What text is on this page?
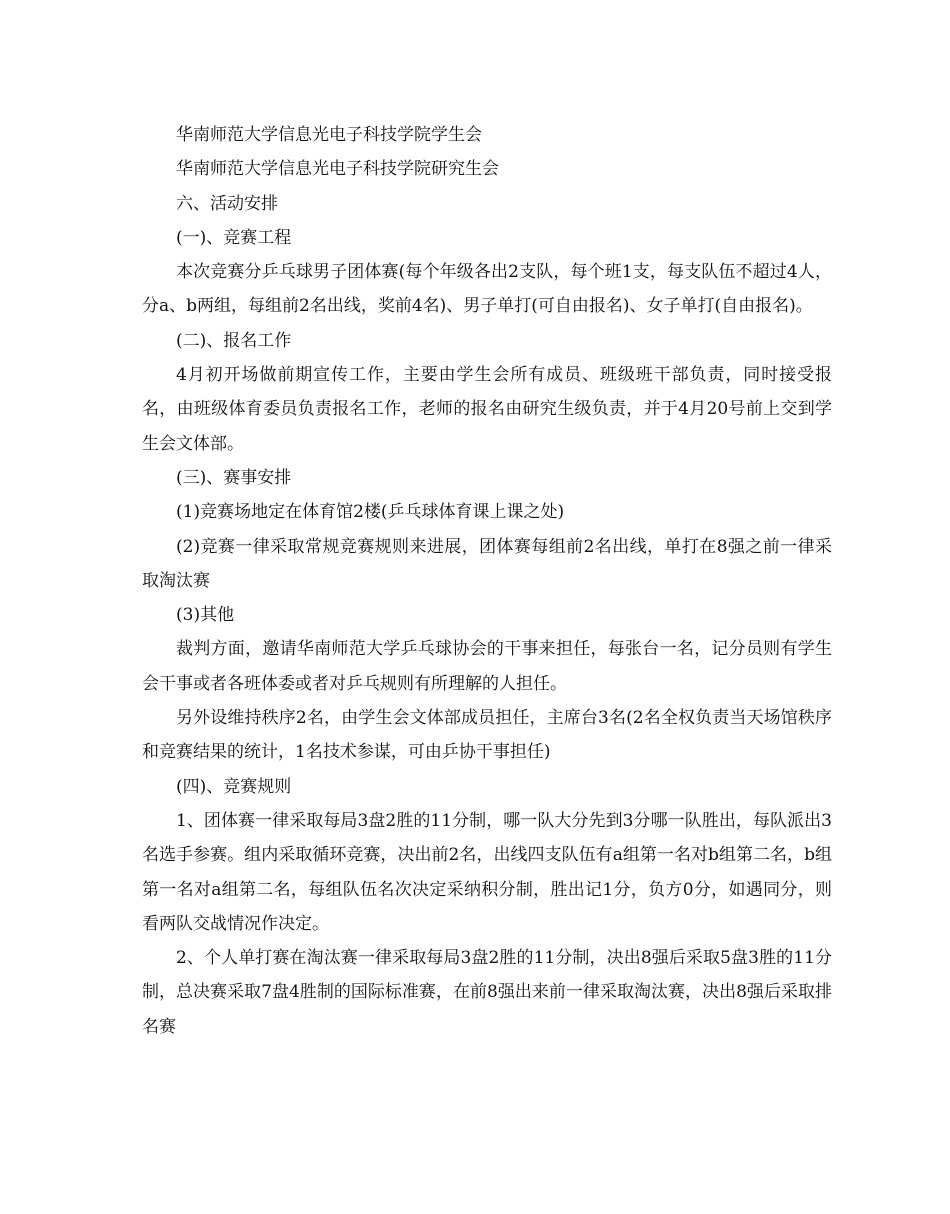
华南师范大学信息光电子科技学院学生会

华南师范大学信息光电子科技学院研究生会

六、活动安排

(一)、竞赛工程

本次竞赛分乒乓球男子团体赛(每个年级各出2支队，每个班1支，每支队伍不超过4人，分a、b两组，每组前2名出线，奖前4名)、男子单打(可自由报名)、女子单打(自由报名)。

(二)、报名工作

4月初开场做前期宣传工作，主要由学生会所有成员、班级班干部负责，同时接受报名，由班级体育委员负责报名工作，老师的报名由研究生级负责，并于4月20号前上交到学生会文体部。

(三)、赛事安排

(1)竞赛场地定在体育馆2楼(乒乓球体育课上课之处)

(2)竞赛一律采取常规竞赛规则来进展，团体赛每组前2名出线，单打在8强之前一律采取淘汰赛

(3)其他

裁判方面，邀请华南师范大学乒乓球协会的干事来担任，每张台一名，记分员则有学生会干事或者各班体委或者对乒乓规则有所理解的人担任。

另外设维持秩序2名，由学生会文体部成员担任，主席台3名(2名全权负责当天场馆秩序和竞赛结果的统计，1名技术参谋，可由乒协干事担任)

(四)、竞赛规则

1、团体赛一律采取每局3盘2胜的11分制，哪一队大分先到3分哪一队胜出，每队派出3名选手参赛。组内采取循环竞赛，决出前2名，出线四支队伍有a组第一名对b组第二名，b组第一名对a组第二名，每组队伍名次决定采纳积分制，胜出记1分，负方0分，如遇同分，则看两队交战情况作决定。

2、个人单打赛在淘汰赛一律采取每局3盘2胜的11分制，决出8强后采取5盘3胜的11分制，总决赛采取7盘4胜制的国际标准赛，在前8强出来前一律采取淘汰赛，决出8强后采取排名赛
